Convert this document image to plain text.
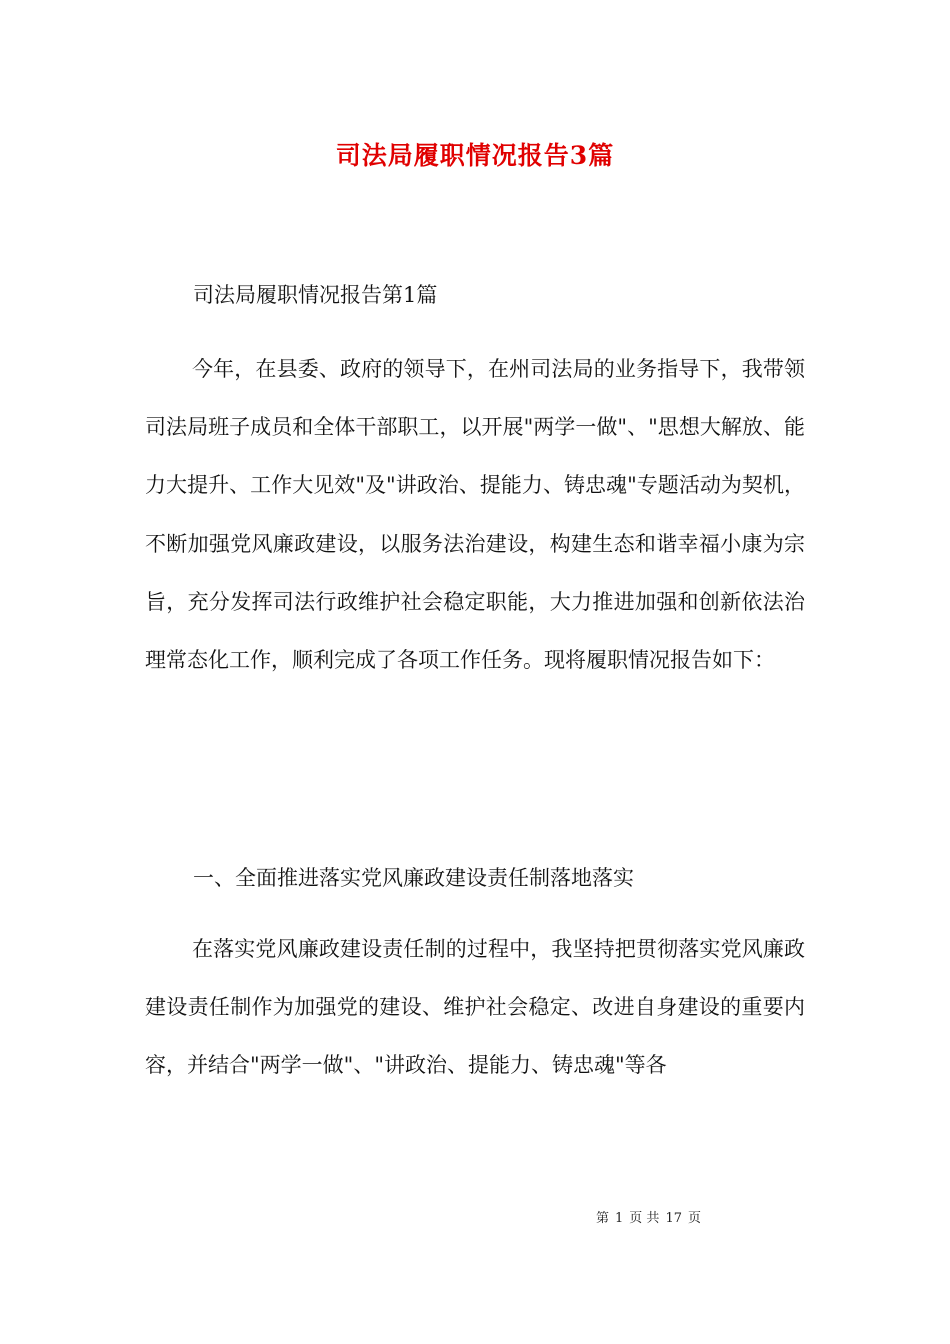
司法局履职情况报告3篇
司法局履职情况报告第1篇
今年，在县委、政府的领导下，在州司法局的业务指导下，我带领司法局班子成员和全体干部职工，以开展"两学一做"、"思想大解放、能力大提升、工作大见效"及"讲政治、提能力、铸忠魂"专题活动为契机，不断加强党风廉政建设，以服务法治建设，构建生态和谐幸福小康为宗旨，充分发挥司法行政维护社会稳定职能，大力推进加强和创新依法治理常态化工作，顺利完成了各项工作任务。现将履职情况报告如下：
一、全面推进落实党风廉政建设责任制落地落实
在落实党风廉政建设责任制的过程中，我坚持把贯彻落实党风廉政建设责任制作为加强党的建设、维护社会稳定、改进自身建设的重要内容，并结合"两学一做"、"讲政治、提能力、铸忠魂"等各
第 1 页 共 17 页
